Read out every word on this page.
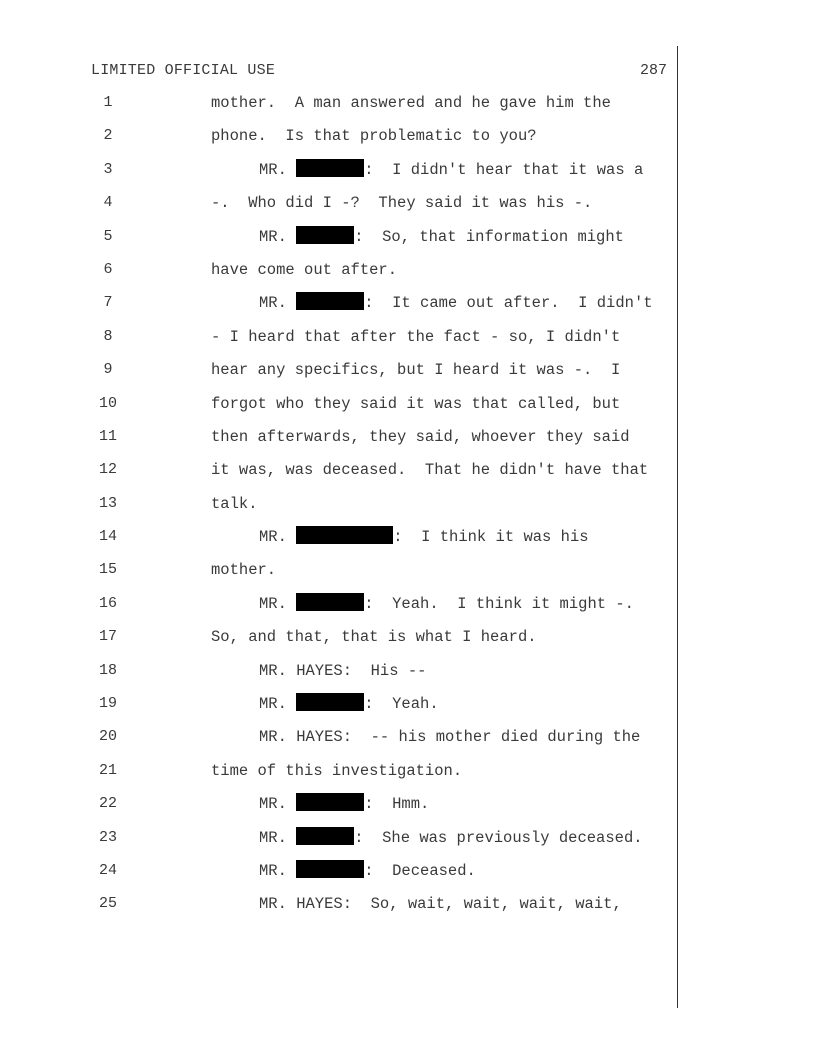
LIMITED OFFICIAL USE	287
1	mother.  A man answered and he gave him the
2	phone.  Is that problematic to you?
3	MR.	:  I didn't hear that it was a
4	-.  Who did I -?  They said it was his -.
5	MR.	:  So, that information might
6	have come out after.
7	MR.	:  It came out after.  I didn't
8	- I heard that after the fact - so, I didn't
9	hear any specifics, but I heard it was -.  I
10	forgot who they said it was that called, but
11	then afterwards, they said, whoever they said
12	it was, was deceased.  That he didn't have that
13	talk.
14	MR.	:  I think it was his
15	mother.
16	MR.	:  Yeah.  I think it might -.
17	So, and that, that is what I heard.
18	MR. HAYES:  His --
19	MR.	:  Yeah.
20	MR. HAYES:  -- his mother died during the
21	time of this investigation.
22	MR.	:  Hmm.
23	MR.	:  She was previously deceased.
24	MR.	:  Deceased.
25	MR. HAYES:  So, wait, wait, wait, wait,
